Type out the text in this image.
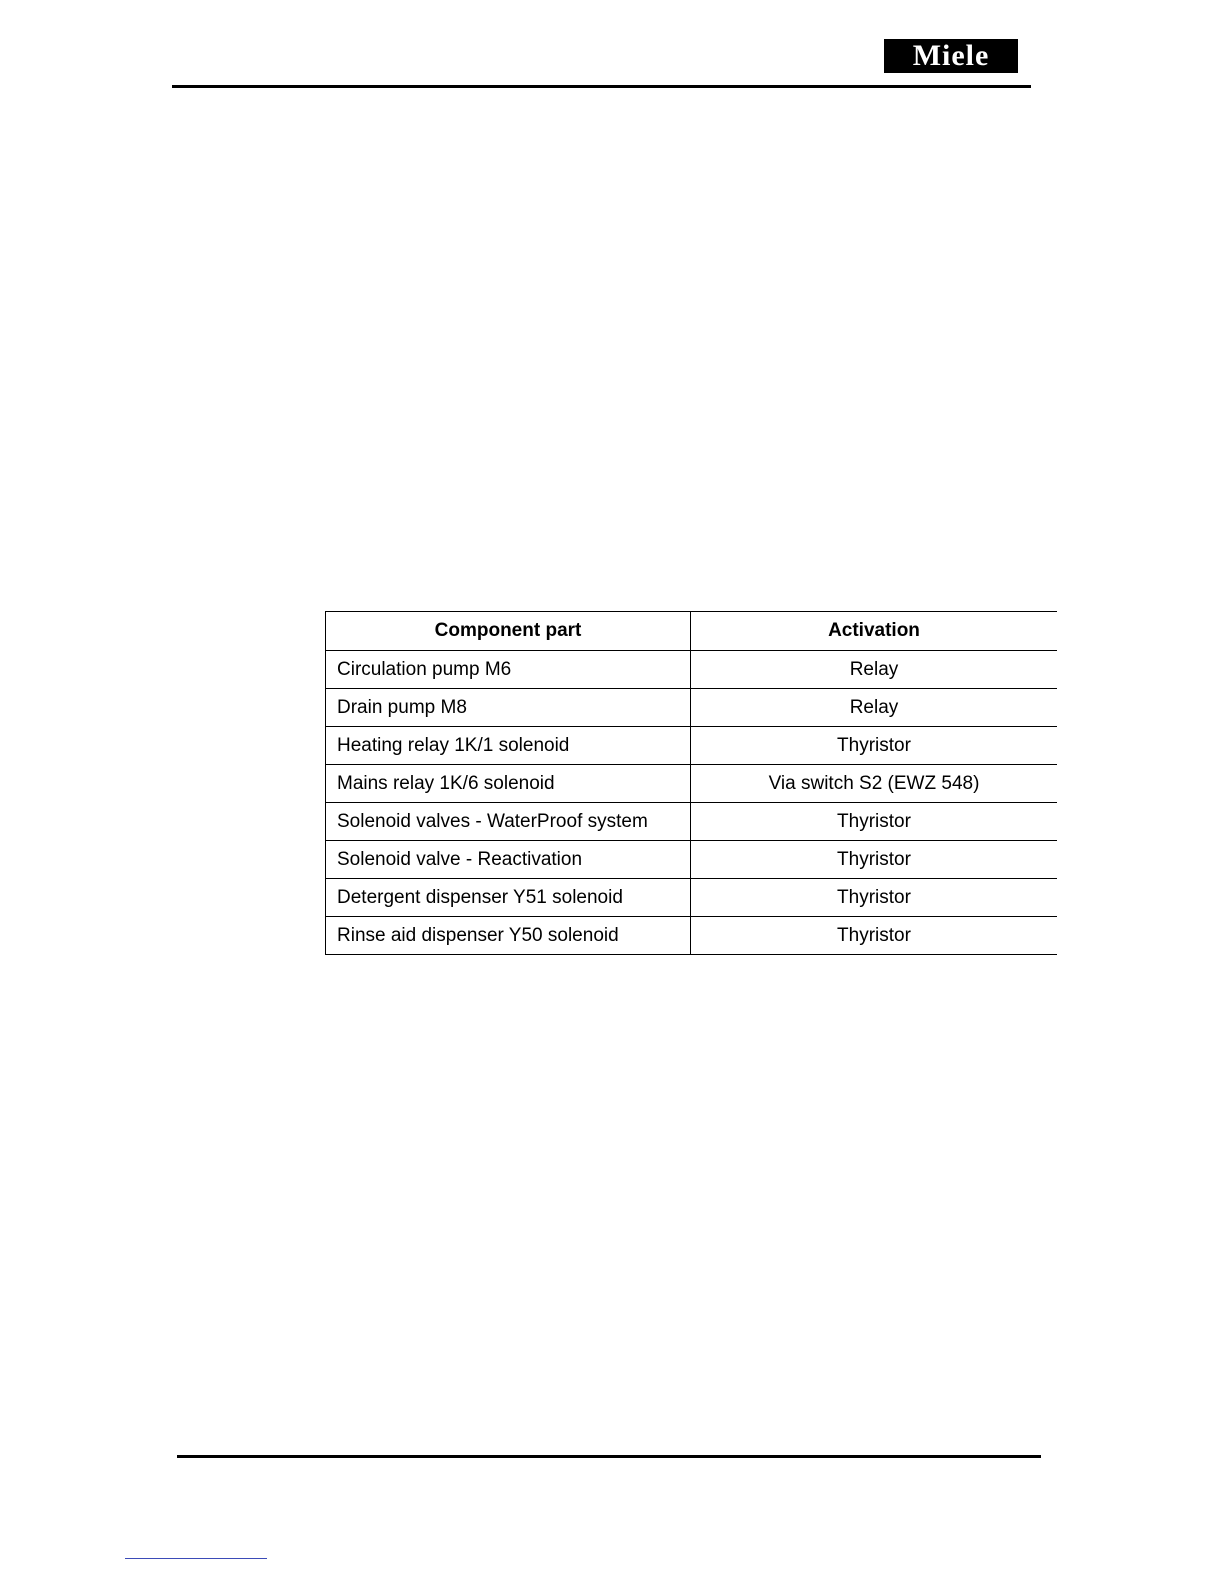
Miele
Component part	Activation
Circulation pump M6	Relay
Drain pump M8	Relay
Heating relay 1K/1 solenoid	Thyristor
Mains relay 1K/6 solenoid	Via switch S2 (EWZ 548)
Solenoid valves - WaterProof system	Thyristor
Solenoid valve - Reactivation	Thyristor
Detergent dispenser Y51 solenoid	Thyristor
Rinse aid dispenser Y50 solenoid	Thyristor
